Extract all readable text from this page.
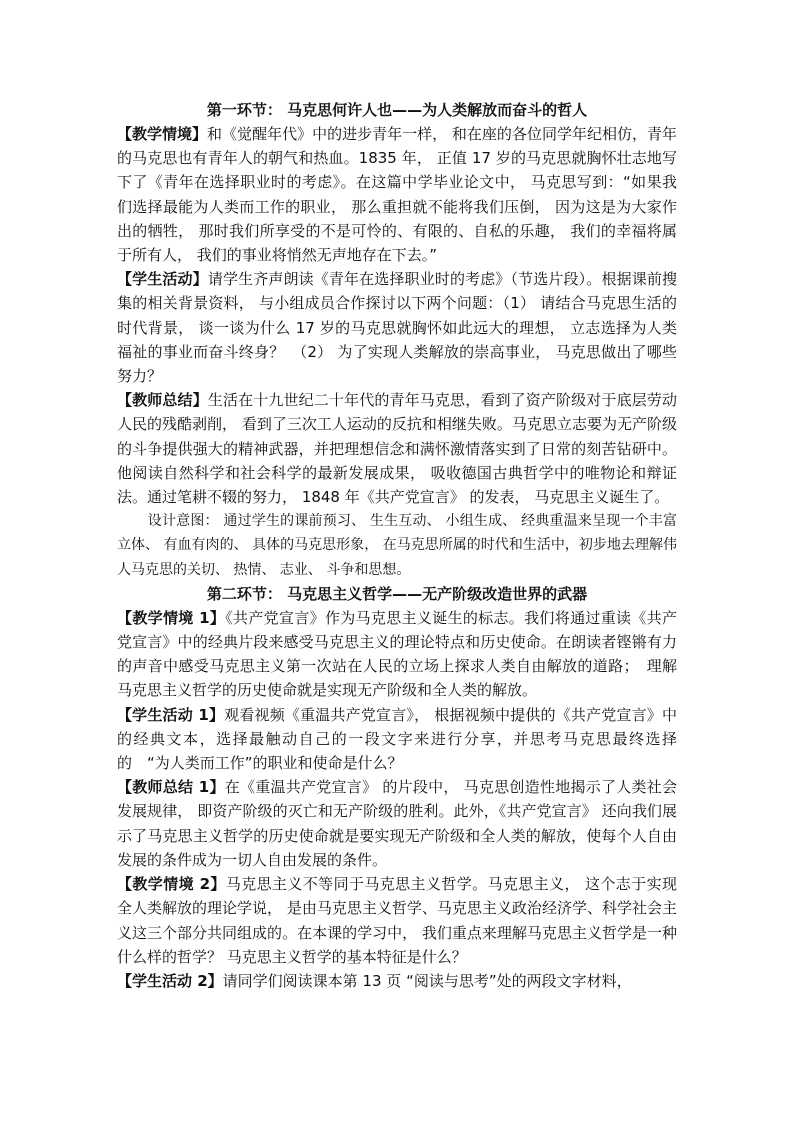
第一环节： 马克思何许人也——为人类解放而奋斗的哲人

【教学情境】和《觉醒年代》中的进步青年一样， 和在座的各位同学年纪相仿，青年的马克思也有青年人的朝气和热血。1835 年， 正值 17 岁的马克思就胸怀壮志地写下了《青年在选择职业时的考虑》。在这篇中学毕业论文中， 马克思写到：“如果我们选择最能为人类而工作的职业， 那么重担就不能将我们压倒， 因为这是为大家作出的牺牲， 那时我们所享受的不是可怜的、有限的、自私的乐趣， 我们的幸福将属于所有人， 我们的事业将悄然无声地存在下去。”

【学生活动】请学生齐声朗读《青年在选择职业时的考虑》（节选片段）。根据课前搜集的相关背景资料， 与小组成员合作探讨以下两个问题：（1） 请结合马克思生活的时代背景， 谈一谈为什么 17 岁的马克思就胸怀如此远大的理想， 立志选择为人类福祉的事业而奋斗终身？　（2） 为了实现人类解放的崇高事业， 马克思做出了哪些努力？

【教师总结】生活在十九世纪二十年代的青年马克思，看到了资产阶级对于底层劳动人民的残酷剥削， 看到了三次工人运动的反抗和相继失败。马克思立志要为无产阶级的斗争提供强大的精神武器，并把理想信念和满怀激情落实到了日常的刻苦钻研中。他阅读自然科学和社会科学的最新发展成果， 吸收德国古典哲学中的唯物论和辩证法。通过笔耕不辍的努力， 1848 年《共产党宣言》 的发表， 马克思主义诞生了。

设计意图： 通过学生的课前预习、 生生互动、 小组生成、 经典重温来呈现一个丰富立体、 有血有肉的、 具体的马克思形象， 在马克思所属的时代和生活中，初步地去理解伟人马克思的关切、 热情、 志业、 斗争和思想。

第二环节： 马克思主义哲学——无产阶级改造世界的武器

【教学情境 1】《共产党宣言》作为马克思主义诞生的标志。我们将通过重读《共产党宣言》中的经典片段来感受马克思主义的理论特点和历史使命。在朗读者铿锵有力的声音中感受马克思主义第一次站在人民的立场上探求人类自由解放的道路；　理解马克思主义哲学的历史使命就是实现无产阶级和全人类的解放。

【学生活动 1】观看视频《重温共产党宣言》， 根据视频中提供的《共产党宣言》中的经典文本，选择最触动自己的一段文字来进行分享，并思考马克思最终选择的　“为人类而工作”的职业和使命是什么？

【教师总结 1】在《重温共产党宣言》 的片段中， 马克思创造性地揭示了人类社会发展规律， 即资产阶级的灭亡和无产阶级的胜利。此外，《共产党宣言》 还向我们展示了马克思主义哲学的历史使命就是要实现无产阶级和全人类的解放，使每个人自由发展的条件成为一切人自由发展的条件。

【教学情境 2】马克思主义不等同于马克思主义哲学。马克思主义， 这个志于实现全人类解放的理论学说， 是由马克思主义哲学、马克思主义政治经济学、科学社会主义这三个部分共同组成的。在本课的学习中， 我们重点来理解马克思主义哲学是一种什么样的哲学？ 马克思主义哲学的基本特征是什么？

【学生活动 2】请同学们阅读课本第 13 页 “阅读与思考”处的两段文字材料，
